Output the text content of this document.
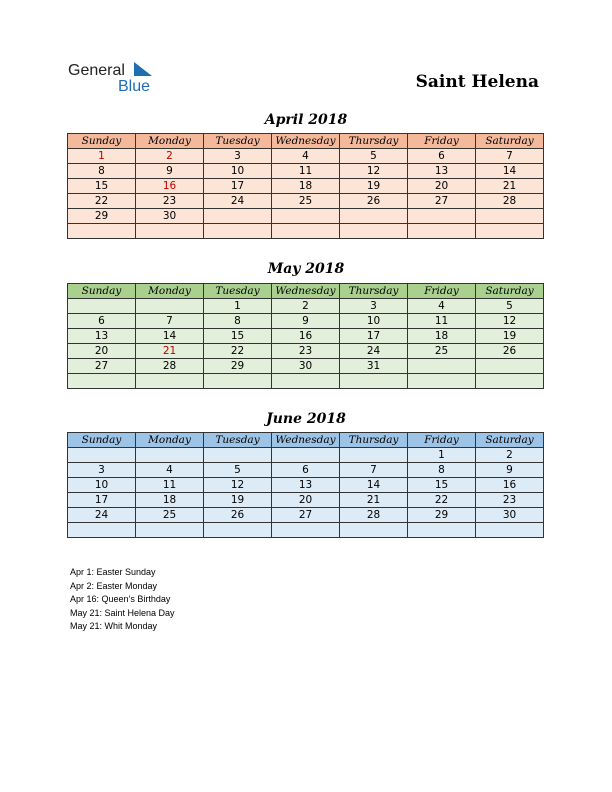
General
Blue	Saint Helena
April 2018
Sunday	Monday	Tuesday	Wednesday	Thursday	Friday	Saturday
1	2	3	4	5	6	7
8	9	10	11	12	13	14
15	16	17	18	19	20	21
22	23	24	25	26	27	28
29	30					

May 2018
Sunday	Monday	Tuesday	Wednesday	Thursday	Friday	Saturday
		1	2	3	4	5
6	7	8	9	10	11	12
13	14	15	16	17	18	19
20	21	22	23	24	25	26
27	28	29	30	31		

June 2018
Sunday	Monday	Tuesday	Wednesday	Thursday	Friday	Saturday
					1	2
3	4	5	6	7	8	9
10	11	12	13	14	15	16
17	18	19	20	21	22	23
24	25	26	27	28	29	30

Apr 1: Easter Sunday
Apr 2: Easter Monday
Apr 16: Queen’s Birthday
May 21: Saint Helena Day
May 21: Whit Monday
